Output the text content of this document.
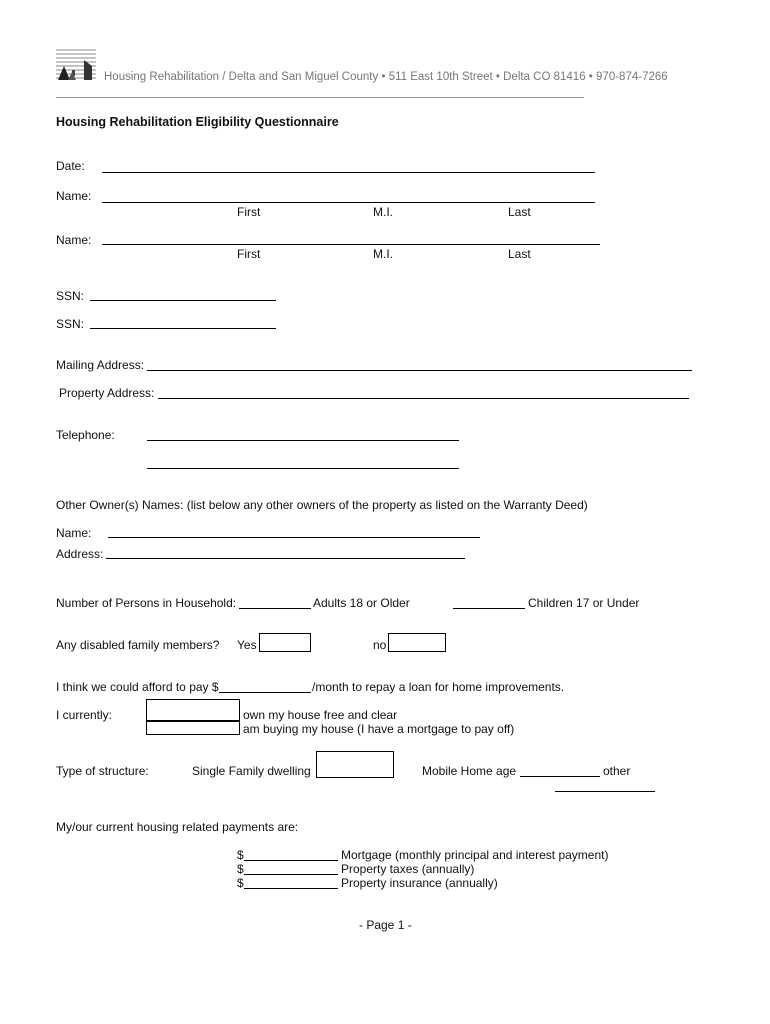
Housing Rehabilitation / Delta and San Miguel County • 511 East 10th Street • Delta CO 81416 • 970-874-7266
Housing Rehabilitation Eligibility Questionnaire
Date:
Name:
First	M.I.	Last
Name:
First	M.I.	Last
SSN:
SSN:
Mailing Address:
Property Address:
Telephone:
Other Owner(s) Names: (list below any other owners of the property as listed on the Warranty Deed)
Name:
Address:
Number of Persons in Household:	Adults 18 or Older	Children 17 or Under
Any disabled family members? Yes	no
I think we could afford to pay $	/month to repay a loan for home improvements.
I currently:	own my house free and clear
am buying my house (I have a mortgage to pay off)
Type of structure:	Single Family dwelling	Mobile Home age	other
My/our current housing related payments are:
$	Mortgage (monthly principal and interest payment)
$	Property taxes (annually)
$	Property insurance (annually)
- Page 1 -
